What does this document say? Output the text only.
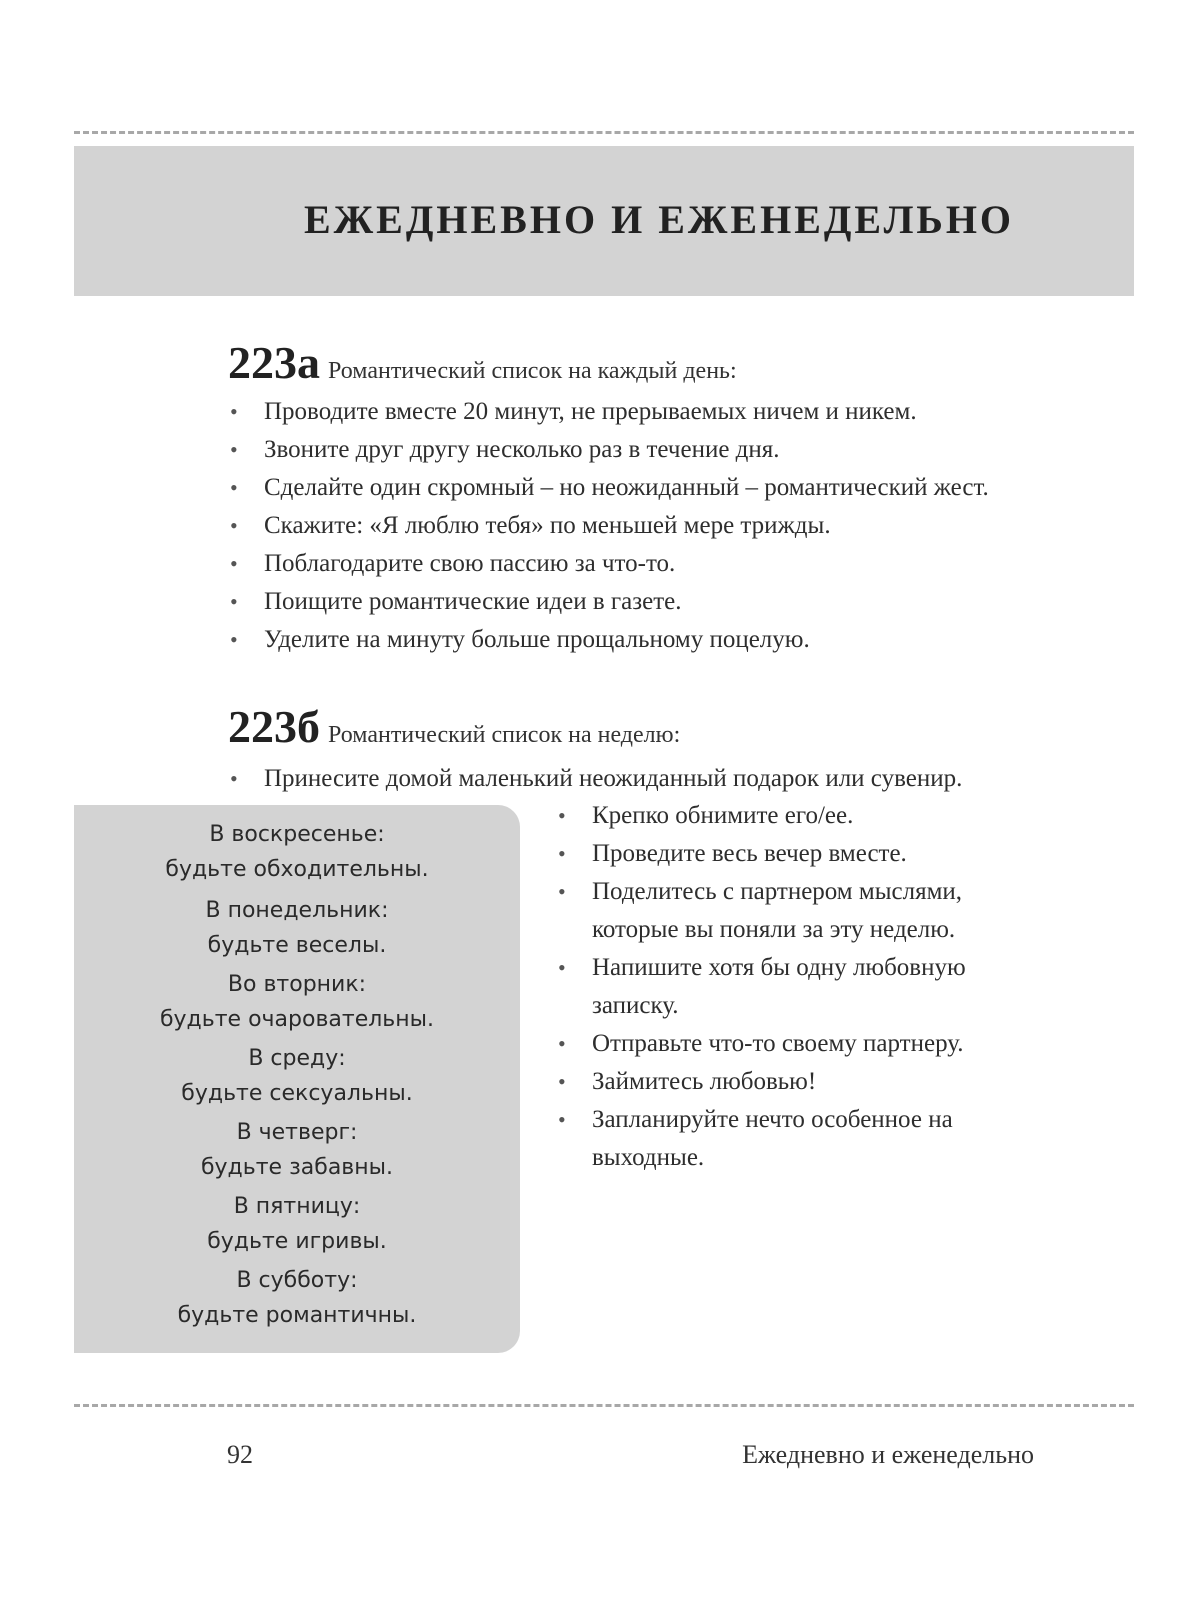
ЕЖЕДНЕВНО И ЕЖЕНЕДЕЛЬНО
223а Романтический список на каждый день:
• Проводите вместе 20 минут, не прерываемых ничем и никем.
• Звоните друг другу несколько раз в течение дня.
• Сделайте один скромный – но неожиданный – романтический жест.
• Скажите: «Я люблю тебя» по меньшей мере трижды.
• Поблагодарите свою пассию за что-то.
• Поищите романтические идеи в газете.
• Уделите на минуту больше прощальному поцелую.
223б Романтический список на неделю:
• Принесите домой маленький неожиданный подарок или сувенир.
В воскресенье:
будьте обходительны.
В понедельник:
будьте веселы.
Во вторник:
будьте очаровательны.
В среду:
будьте сексуальны.
В четверг:
будьте забавны.
В пятницу:
будьте игривы.
В субботу:
будьте романтичны.
• Крепко обнимите его/ее.
• Проведите весь вечер вместе.
• Поделитесь с партнером мыслями, которые вы поняли за эту неделю.
• Напишите хотя бы одну любовную записку.
• Отправьте что-то своему партнеру.
• Займитесь любовью!
• Запланируйте нечто особенное на выходные.
92	Ежедневно и еженедельно
